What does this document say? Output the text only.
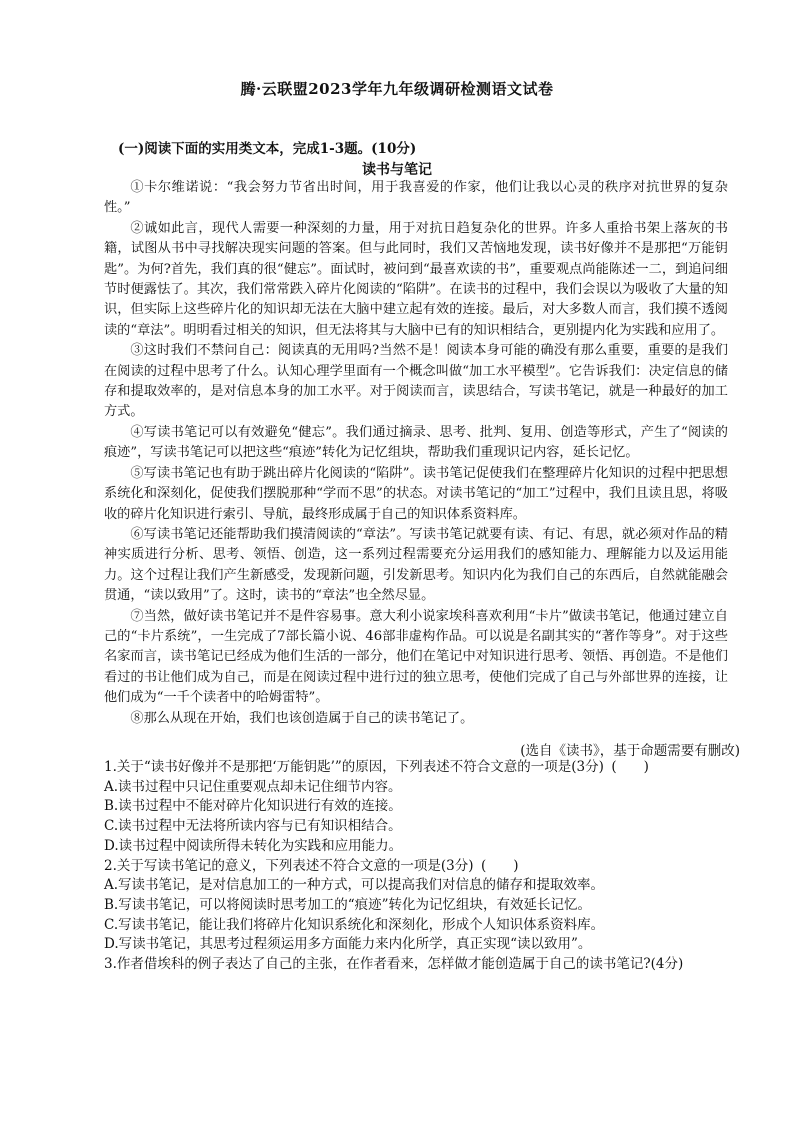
腾·云联盟2023学年九年级调研检测语文试卷
(一)阅读下面的实用类文本，完成1-3题。(10分)
读书与笔记

①卡尔维诺说：“我会努力节省出时间，用于我喜爱的作家，他们让我以心灵的秩序对抗世界的复杂性。”

②诚如此言，现代人需要一种深刻的力量，用于对抗日趋复杂化的世界。许多人重拾书架上落灰的书籍，试图从书中寻找解决现实问题的答案。但与此同时，我们又苦恼地发现，读书好像并不是那把“万能钥匙”。为何?首先，我们真的很“健忘”。面试时，被问到“最喜欢读的书”，重要观点尚能陈述一二，到追问细节时便露怯了。其次，我们常常跌入碎片化阅读的“陷阱”。在读书的过程中，我们会误以为吸收了大量的知识，但实际上这些碎片化的知识却无法在大脑中建立起有效的连接。最后，对大多数人而言，我们摸不透阅读的“章法”。明明看过相关的知识，但无法将其与大脑中已有的知识相结合，更别提内化为实践和应用了。

③这时我们不禁问自己：阅读真的无用吗?当然不是！阅读本身可能的确没有那么重要，重要的是我们在阅读的过程中思考了什么。认知心理学里面有一个概念叫做“加工水平模型”。它告诉我们：决定信息的储存和提取效率的，是对信息本身的加工水平。对于阅读而言，读思结合，写读书笔记，就是一种最好的加工方式。

④写读书笔记可以有效避免“健忘”。我们通过摘录、思考、批判、复用、创造等形式，产生了“阅读的痕迹”，写读书笔记可以把这些“痕迹”转化为记忆组块，帮助我们重现识记内容，延长记忆。

⑤写读书笔记也有助于跳出碎片化阅读的“陷阱”。读书笔记促使我们在整理碎片化知识的过程中把思想系统化和深刻化，促使我们摆脱那种“学而不思”的状态。对读书笔记的“加工”过程中，我们且读且思，将吸收的碎片化知识进行索引、导航，最终形成属于自己的知识体系资料库。

⑥写读书笔记还能帮助我们摸清阅读的“章法”。写读书笔记就要有读、有记、有思，就必须对作品的精神实质进行分析、思考、领悟、创造，这一系列过程需要充分运用我们的感知能力、理解能力以及运用能力。这个过程让我们产生新感受，发现新问题，引发新思考。知识内化为我们自己的东西后，自然就能融会贯通，“读以致用”了。这时，读书的“章法”也全然尽显。

⑦当然，做好读书笔记并不是件容易事。意大利小说家埃科喜欢利用“卡片”做读书笔记，他通过建立自己的“卡片系统”，一生完成了7部长篇小说、46部非虚构作品。可以说是名副其实的“著作等身”。对于这些名家而言，读书笔记已经成为他们生活的一部分，他们在笔记中对知识进行思考、领悟、再创造。不是他们看过的书让他们成为自己，而是在阅读过程中进行过的独立思考，使他们完成了自己与外部世界的连接，让他们成为“一千个读者中的哈姆雷特”。

⑧那么从现在开始，我们也该创造属于自己的读书笔记了。

(选自《读书》，基于命题需要有删改)
1.关于“读书好像并不是那把‘万能钥匙’”的原因，下列表述不符合文意的一项是(3分) (　　)
A.读书过程中只记住重要观点却未记住细节内容。
B.读书过程中不能对碎片化知识进行有效的连接。
C.读书过程中无法将所读内容与已有知识相结合。
D.读书过程中阅读所得未转化为实践和应用能力。
2.关于写读书笔记的意义，下列表述不符合文意的一项是(3分) (　　)
A.写读书笔记，是对信息加工的一种方式，可以提高我们对信息的储存和提取效率。
B.写读书笔记，可以将阅读时思考加工的“痕迹”转化为记忆组块，有效延长记忆。
C.写读书笔记，能让我们将碎片化知识系统化和深刻化，形成个人知识体系资料库。
D.写读书笔记，其思考过程须运用多方面能力来内化所学，真正实现“读以致用”。
3.作者借埃科的例子表达了自己的主张，在作者看来，怎样做才能创造属于自己的读书笔记?(4分)
